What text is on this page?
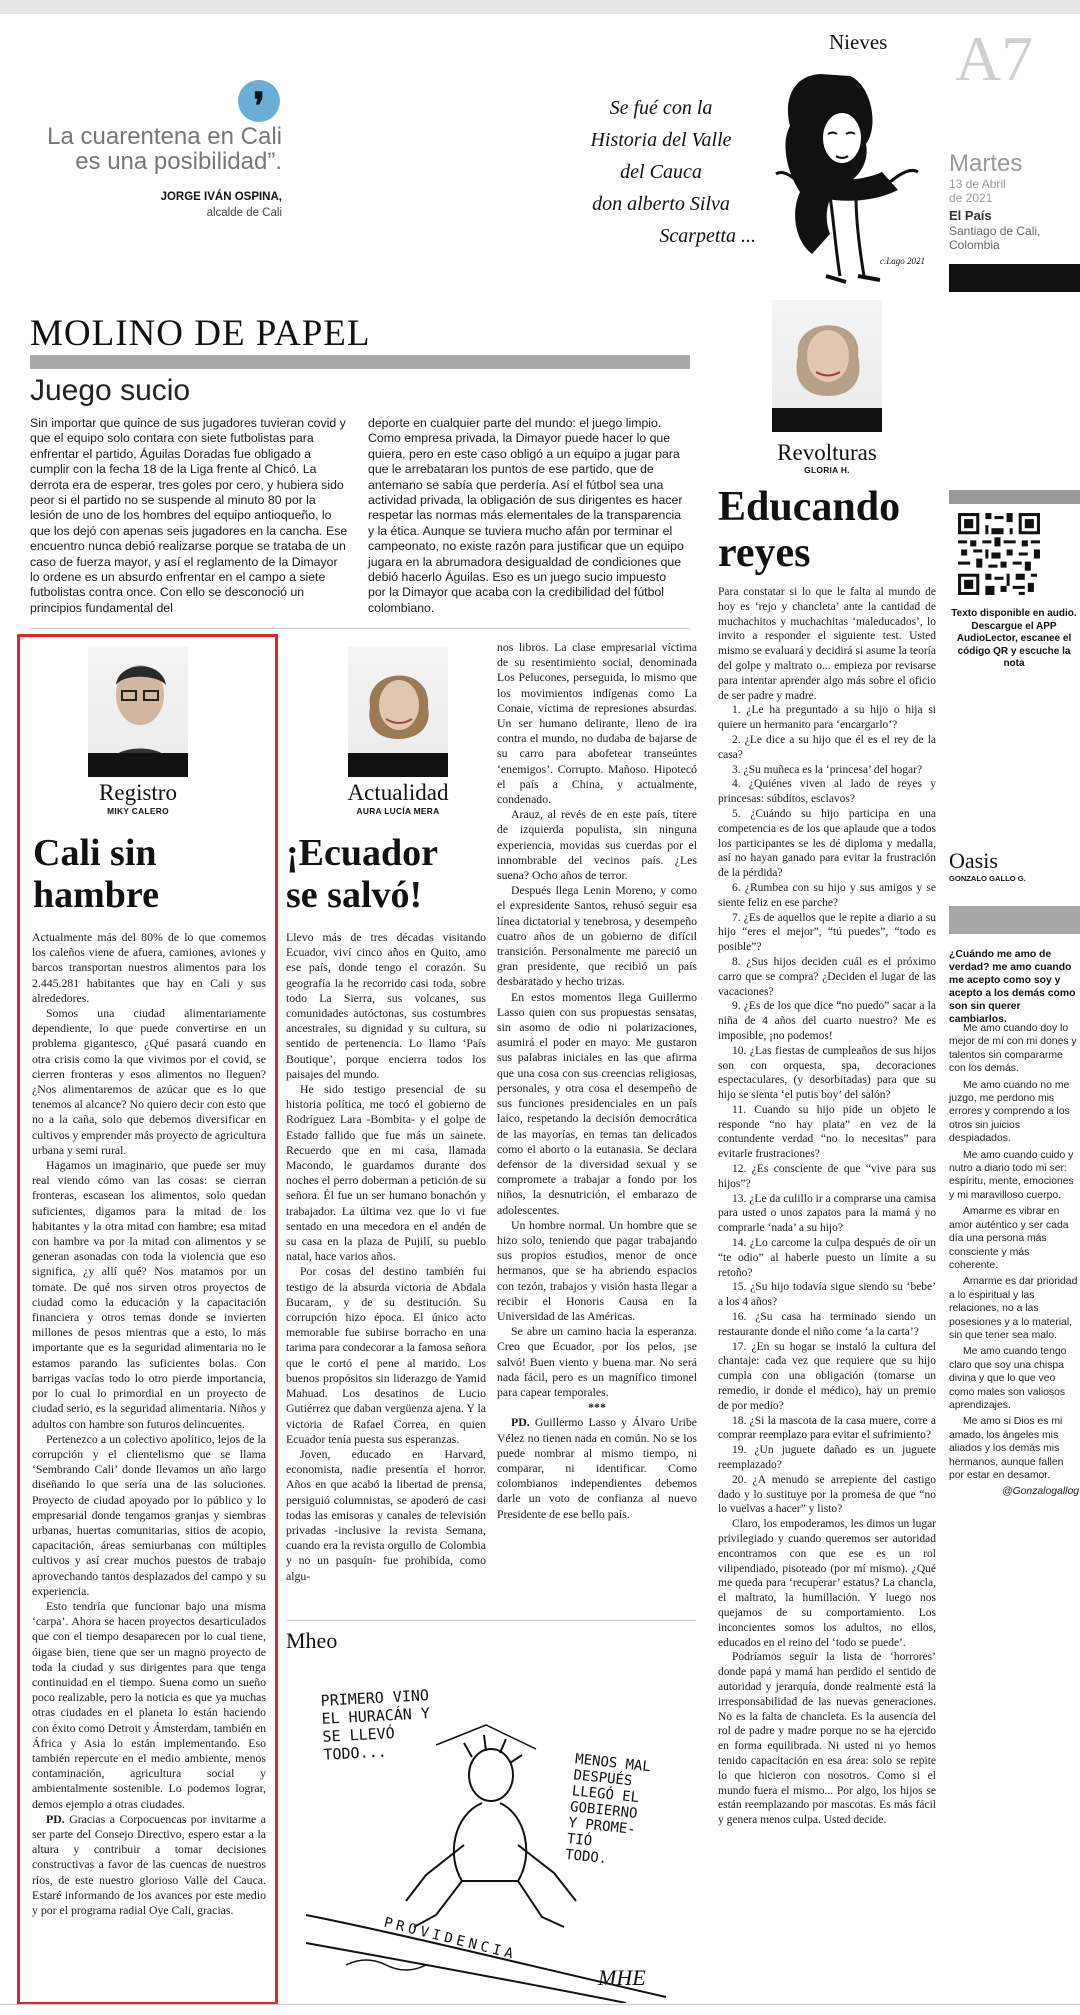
Nieves A7
Martes
13 de Abril
de 2021
El País
Santiago de Cali,
Colombia
❜
La cuarentena en Cali
es una posibilidad”.
JORGE IVÁN OSPINA,
alcalde de Cali
Se fué con la
Historia del Valle
del Cauca
don alberto Silva
Scarpetta ...
c.Lago 2021
MOLINO DE PAPEL
Juego sucio
Sin importar que quince de sus jugadores tuvieran covid y que el equipo solo contara con siete futbolistas para enfrentar el partido, Águilas Doradas fue obligado a cumplir con la fecha 18 de la Liga frente al Chicó. La derrota era de esperar, tres goles por cero, y hubiera sido peor si el partido no se suspende al minuto 80 por la lesión de uno de los hombres del equipo antioqueño, lo que los dejó con apenas seis jugadores en la cancha. Ese encuentro nunca debió realizarse porque se trataba de un caso de fuerza mayor, y así el reglamento de la Dimayor lo ordene es un absurdo enfrentar en el campo a siete futbolistas contra once. Con ello se desconoció un principios fundamental del
deporte en cualquier parte del mundo: el juego limpio. Como empresa privada, la Dimayor puede hacer lo que quiera, pero en este caso obligó a un equipo a jugar para que le arrebataran los puntos de ese partido, que de antemano se sabía que perdería. Así el fútbol sea una actividad privada, la obligación de sus dirigentes es hacer respetar las normas más elementales de la transparencia y la ética. Aunque se tuviera mucho afán por terminar el campeonato, no existe razón para justificar que un equipo jugara en la abrumadora desigualdad de condiciones que debió hacerlo Águilas. Eso es un juego sucio impuesto por la Dimayor que acaba con la credibilidad del fútbol colombiano.
Registro
MIKY CALERO
Cali sin
hambre

Actualmente más del 80% de lo que comemos los caleños viene de afuera, camiones, aviones y barcos transportan nuestros alimentos para los 2.445.281 habitantes que hay en Cali y sus alrededores.

Somos una ciudad alimentariamente dependiente, lo que puede convertirse en un problema gigantesco, ¿Qué pasará cuando en otra crisis como la que vivimos por el covid, se cierren fronteras y esos alimentos no lleguen? ¿Nos alimentaremos de azúcar que es lo que tenemos al alcance? No quiero decir con esto que no a la caña, solo que debemos diversificar en cultivos y emprender más proyecto de agricultura urbana y semi rural.

Hagamos un imaginario, que puede ser muy real viendo cómo van las cosas: se cierran fronteras, escasean los alimentos, solo quedan suficientes, digamos para la mitad de los habitantes y la otra mitad con hambre; esa mitad con hambre va por la mitad con alimentos y se generan asonadas con toda la violencia que eso significa, ¿y allí qué? Nos matamos por un tomate. De qué nos sirven otros proyectos de ciudad como la educación y la capacitación financiera y otros temas donde se invierten millones de pesos mientras que a esto, lo más importante que es la seguridad alimentaria no le estamos parando las suficientes bolas. Con barrigas vacías todo lo otro pierde importancia, por lo cual lo primordial en un proyecto de ciudad serio, es la seguridad alimentaria. Niños y adultos con hambre son futuros delincuentes.

Pertenezco a un colectivo apolítico, lejos de la corrupción y el clientelismo que se llama ‘Sembrando Cali’ donde llevamos un año largo diseñando lo que sería una de las soluciones. Proyecto de ciudad apoyado por lo público y lo empresarial donde tengamos granjas y siembras urbanas, huertas comunitarias, sitios de acopio, capacitación, áreas semiurbanas con múltiples cultivos y así crear muchos puestos de trabajo aprovechando tantos desplazados del campo y su experiencia.

Esto tendría que funcionar bajo una misma ‘carpa’. Ahora se hacen proyectos desarticulados que con el tiempo desaparecen por lo cual tiene, óigase bien, tiene que ser un magno proyecto de toda la ciudad y sus dirigentes para que tenga continuidad en el tiempo. Suena como un sueño poco realizable, pero la noticia es que ya muchas otras ciudades en el planeta lo están haciendo con éxito como Detroit y Ámsterdam, también en África y Asia lo están implementando. Eso también repercute en el medio ambiente, menos contaminación, agricultura social y ambientalmente sostenible. Lo podemos lograr, demos ejemplo a otras ciudades.

PD. Gracias a Corpocuencas por invitarme a ser parte del Consejo Directivo, espero estar a la altura y contribuir a tomar decisiones constructivas a favor de las cuencas de nuestros ríos, de este nuestro glorioso Valle del Cauca. Estaré informando de los avances por este medio y por el programa radial Oye Cali, gracias.

Actualidad
AURA LUCÍA MERA
¡Ecuador
se salvó!

Llevo más de tres décadas visitando Ecuador, viví cinco años en Quito, amo ese país, donde tengo el corazón. Su geografía la he recorrido casi toda, sobre todo La Sierra, sus volcanes, sus comunidades autóctonas, sus costumbres ancestrales, su dignidad y su cultura, su sentido de pertenencia. Lo llamo ‘País Boutique’, porque encierra todos los paisajes del mundo.

He sido testigo presencial de su historia política, me tocó el gobierno de Rodríguez Lara -Bombita- y el golpe de Estado fallido que fue más un sainete. Recuerdo que en mi casa, llamada Macondo, le guardamos durante dos noches el perro doberman a petición de su señora. Él fue un ser humano bonachón y trabajador. La última vez que lo vi fue sentado en una mecedora en el andén de su casa en la plaza de Pujilí, su pueblo natal, hace varios años.

Por cosas del destino también fui testigo de la absurda victoria de Abdala Bucaram, y de su destitución. Su corrupción hizo época. El único acto memorable fue subirse borracho en una tarima para condecorar a la famosa señora que le cortó el pene al marido. Los buenos propósitos sin liderazgo de Yamid Mahuad. Los desatinos de Lucio Gutiérrez que daban vergüenza ajena. Y la victoria de Rafael Correa, en quien Ecuador tenía puesta sus esperanzas.

Joven, educado en Harvard, economista, nadie presentía el horror. Años en que acabó la libertad de prensa, persiguió columnistas, se apoderó de casi todas las emisoras y canales de televisión privadas -inclusive la revista Semana, cuando era la revista orgullo de Colombia y no un pasquín- fue prohibida, como algu-

nos libros. La clase empresarial víctima de su resentimiento social, denominada Los Pelucones, perseguida, lo mismo que los movimientos indígenas como La Conaie, víctima de represiones absurdas. Un ser humano delirante, lleno de ira contra el mundo, no dudaba de bajarse de su carro para abofetear transeúntes ‘enemigos’. Corrupto. Mañoso. Hipotecó el país a China, y actualmente, condenado.

Arauz, al revés de en este país, títere de izquierda populista, sin ninguna experiencia, movidas sus cuerdas por el innombrable del vecinos país. ¿Les suena? Ocho años de terror.

Después llega Lenin Moreno, y como el expresidente Santos, rehusó seguir esa línea dictatorial y tenebrosa, y desempeño cuatro años de un gobierno de difícil transición. Personalmente me pareció un gran presidente, que recibió un país desbaratado y hecho trizas.

En estos momentos llega Guillermo Lasso quien con sus propuestas sensatas, sin asomo de odio ni polarizaciones, asumirá el poder en mayo. Me gustaron sus palabras iniciales en las que afirma que una cosa con sus creencias religiosas, personales, y otra cosa el desempeño de sus funciones presidenciales en un país laico, respetando la decisión democrática de las mayorías, en temas tan delicados como el aborto o la eutanasia. Se declara defensor de la diversidad sexual y se compromete a trabajar a fondo por los niños, la desnutrición, el embarazo de adolescentes.

Un hombre normal. Un hombre que se hizo solo, teniendo que pagar trabajando sus propios estudios, menor de once hermanos, que se ha abriendo espacios con tezón, trabajos y visión hasta llegar a recibir el Honoris Causa en la Universidad de las Américas.

Se abre un camino hacia la esperanza. Creo que Ecuador, por los pelos, ¡se salvó! Buen viento y buena mar. No será nada fácil, pero es un magnífico timonel para capear temporales.

***

PD. Guillermo Lasso y Álvaro Uribe Vélez no tienen nada en común. No se los puede nombrar al mismo tiempo, ni comparar, ni identificar. Como colombianos independientes debemos darle un voto de confianza al nuevo Presidente de ese bello país.

Mheo
PRIMERO VINO
EL HURACÁN Y
SE LLEVÓ
TODO...	MENOS MAL
DESPUÉS
LLEGÓ EL
GOBIERNO
Y PROME-
TIÓ
TODO.
PROVIDENCIA
MHE
Revolturas
GLORIA H.
Educando
reyes

Para constatar si lo que le falta al mundo de hoy es ‘rejo y chancleta’ ante la cantidad de muchachitos y muchachitas ‘maleducados’, lo invito a responder el siguiente test. Usted mismo se evaluará y decidirá si asume la teoría del golpe y maltrato o... empieza por revisarse para intentar aprender algo más sobre el oficio de ser padre y madre.

1. ¿Le ha preguntado a su hijo o hija si quiere un hermanito para ‘encargarlo’?

2. ¿Le dice a su hijo que él es el rey de la casa?

3. ¿Su muñeca es la ‘princesa’ del hogar?

4. ¿Quiénes viven al lado de reyes y princesas: súbditos, esclavos?

5. ¿Cuándo su hijo participa en una competencia es de los que aplaude que a todos los participantes se les dé diploma y medalla, así no hayan ganado para evitar la frustración de la pérdida?

6. ¿Rumbea con su hijo y sus amigos y se siente feliz en ese parche?

7. ¿Es de aquellos que le repite a diario a su hijo “eres el mejor”, “tú puedes”, “todo es posible”?

8. ¿Sus hijos deciden cuál es el próximo carro que se compra? ¿Deciden el lugar de las vacaciones?

9. ¿Es de los que dice “no puedo” sacar a la niña de 4 años del cuarto nuestro? Me es imposible, ¡no podemos!

10. ¿Las fiestas de cumpleaños de sus hijos son con orquesta, spa, decoraciones espectaculares, (y desorbitadas) para que su hijo se sienta ‘el putis boy’ del salón?

11. Cuando su hijo pide un objeto le responde “no hay plata” en vez de la contundente verdad “no lo necesitas” para evitarle frustraciones?

12. ¿Es consciente de que “vive para sus hijos”?

13. ¿Le da culillo ir a comprarse una camisa para usted o unos zapatos para la mamá y no comprarle ‘nada’ a su hijo?

14. ¿Lo carcome la culpa después de oír un “te odio” al haberle puesto un límite a su retoño?

15. ¿Su hijo todavía sigue siendo su ‘bebe’ a los 4 años?

16. ¿Su casa ha terminado siendo un restaurante donde el niño come ‘a la carta’?

17. ¿En su hogar se instaló la cultura del chantaje: cada vez que requiere que su hijo cumpla con una obligación (tomarse un remedio, ir donde el médico), hay un premio de por medio?

18. ¿Si la mascota de la casa muere, corre a comprar reemplazo para evitar el sufrimiento?

19. ¿Un juguete dañado es un juguete reemplazado?

20. ¿A menudo se arrepiente del castigo dado y lo sustituye por la promesa de que “no lo vuelvas a hacer” y listo?

Claro, los empoderamos, les dimos un lugar privilegiado y cuando queremos ser autoridad encontramos con que ese es un rol vilipendiado, pisoteado (por mí mismo). ¿Qué me queda para ‘recuperar’ estatus? La chancla, el maltrato, la humillación. Y luego nos quejamos de su comportamiento. Los inconcientes somos los adultos, no ellos, educados en el reino del ‘todo se puede’.

Podríamos seguir la lista de ‘horrores’ donde papá y mamá han perdido el sentido de autoridad y jerarquía, donde realmente está la irresponsabilidad de las nuevas generaciones. No es la falta de chancleta. Es la ausencia del rol de padre y madre porque no se ha ejercido en forma equilibrada. Ni usted ni yo hemos tenido capacitación en esa área: solo se repite lo que hicieron con nosotros. Como si el mundo fuera el mismo... Por algo, los hijos se están reemplazando por mascotas. Es más fácil y genera menos culpa. Usted decide.

Texto disponible en audio. Descargue el APP AudioLector, escanee el código QR y escuche la nota
Oasis
GONZALO GALLO G.
¿Cuándo me amo de verdad? me amo cuando me acepto como soy y acepto a los demás como son sin querer cambiarlos.

Me amo cuando doy lo mejor de mí con mi dones y talentos sin compararme con los demás.

Me amo cuando no me juzgo, me perdono mis errores y comprendo a los otros sin juicios despiadados.

Me amo cuando cuido y nutro a diario todo mi ser: espíritu, mente, emociones y mi maravilloso cuerpo.

Amarme es vibrar en amor auténtico y ser cada día una persona más consciente y más coherente.

Amarme es dar prioridad a lo espiritual y las relaciones, no a las posesiones y a lo material, sin que tener sea malo.

Me amo cuando tengo claro que soy una chispa divina y que lo que veo como males son valiosos aprendizajes.

Me amo si Dios es mi amado, los ángeles mis aliados y los demás mis hermanos, aunque fallen por estar en desamor.

@Gonzalogallog
